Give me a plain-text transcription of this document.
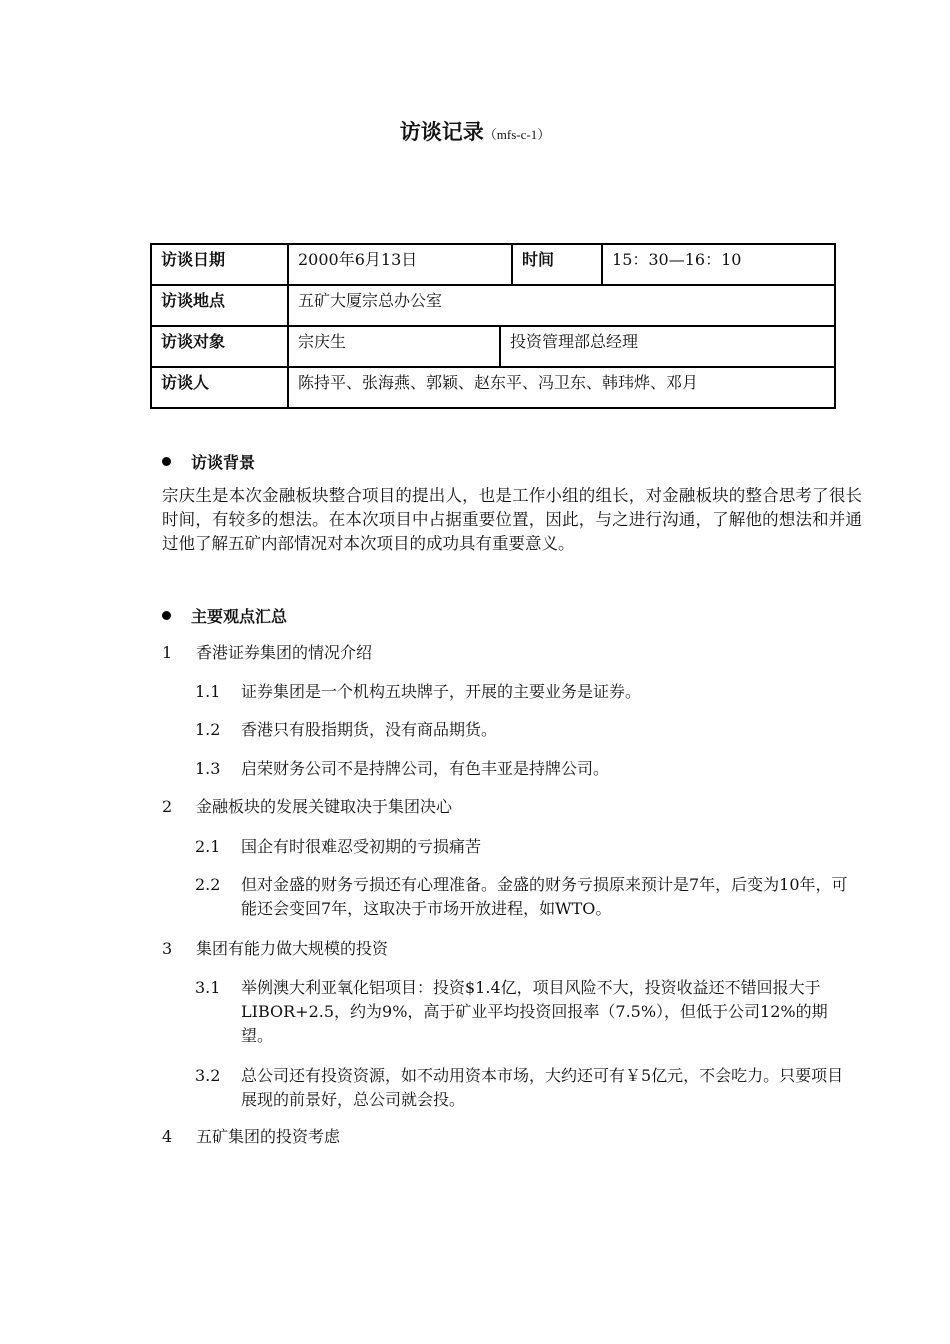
访谈记录（mfs-c-1）
访谈日期	2000年6月13日		时间	15：30—16：10
访谈地点	五矿大厦宗总办公室			
访谈对象	宗庆生	投资管理部总经理		
访谈人	陈持平、张海燕、郭颖、赵东平、冯卫东、韩玮烨、邓月			
访谈背景
宗庆生是本次金融板块整合项目的提出人，也是工作小组的组长，对金融板块的整合思考了很长时间，有较多的想法。在本次项目中占据重要位置，因此，与之进行沟通，了解他的想法和并通过他了解五矿内部情况对本次项目的成功具有重要意义。
主要观点汇总
1 香港证券集团的情况介绍
1.1 证券集团是一个机构五块牌子，开展的主要业务是证券。
1.2 香港只有股指期货，没有商品期货。
1.3 启荣财务公司不是持牌公司，有色丰亚是持牌公司。
2 金融板块的发展关键取决于集团决心
2.1 国企有时很难忍受初期的亏损痛苦
2.2 但对金盛的财务亏损还有心理准备。金盛的财务亏损原来预计是7年，后变为10年，可能还会变回7年，这取决于市场开放进程，如WTO。
3 集团有能力做大规模的投资
3.1 举例澳大利亚氧化铝项目：投资$1.4亿，项目风险不大，投资收益还不错回报大于LIBOR+2.5，约为9%，高于矿业平均投资回报率（7.5%），但低于公司12%的期望。
3.2 总公司还有投资资源，如不动用资本市场，大约还可有￥5亿元，不会吃力。只要项目展现的前景好，总公司就会投。
4 五矿集团的投资考虑
